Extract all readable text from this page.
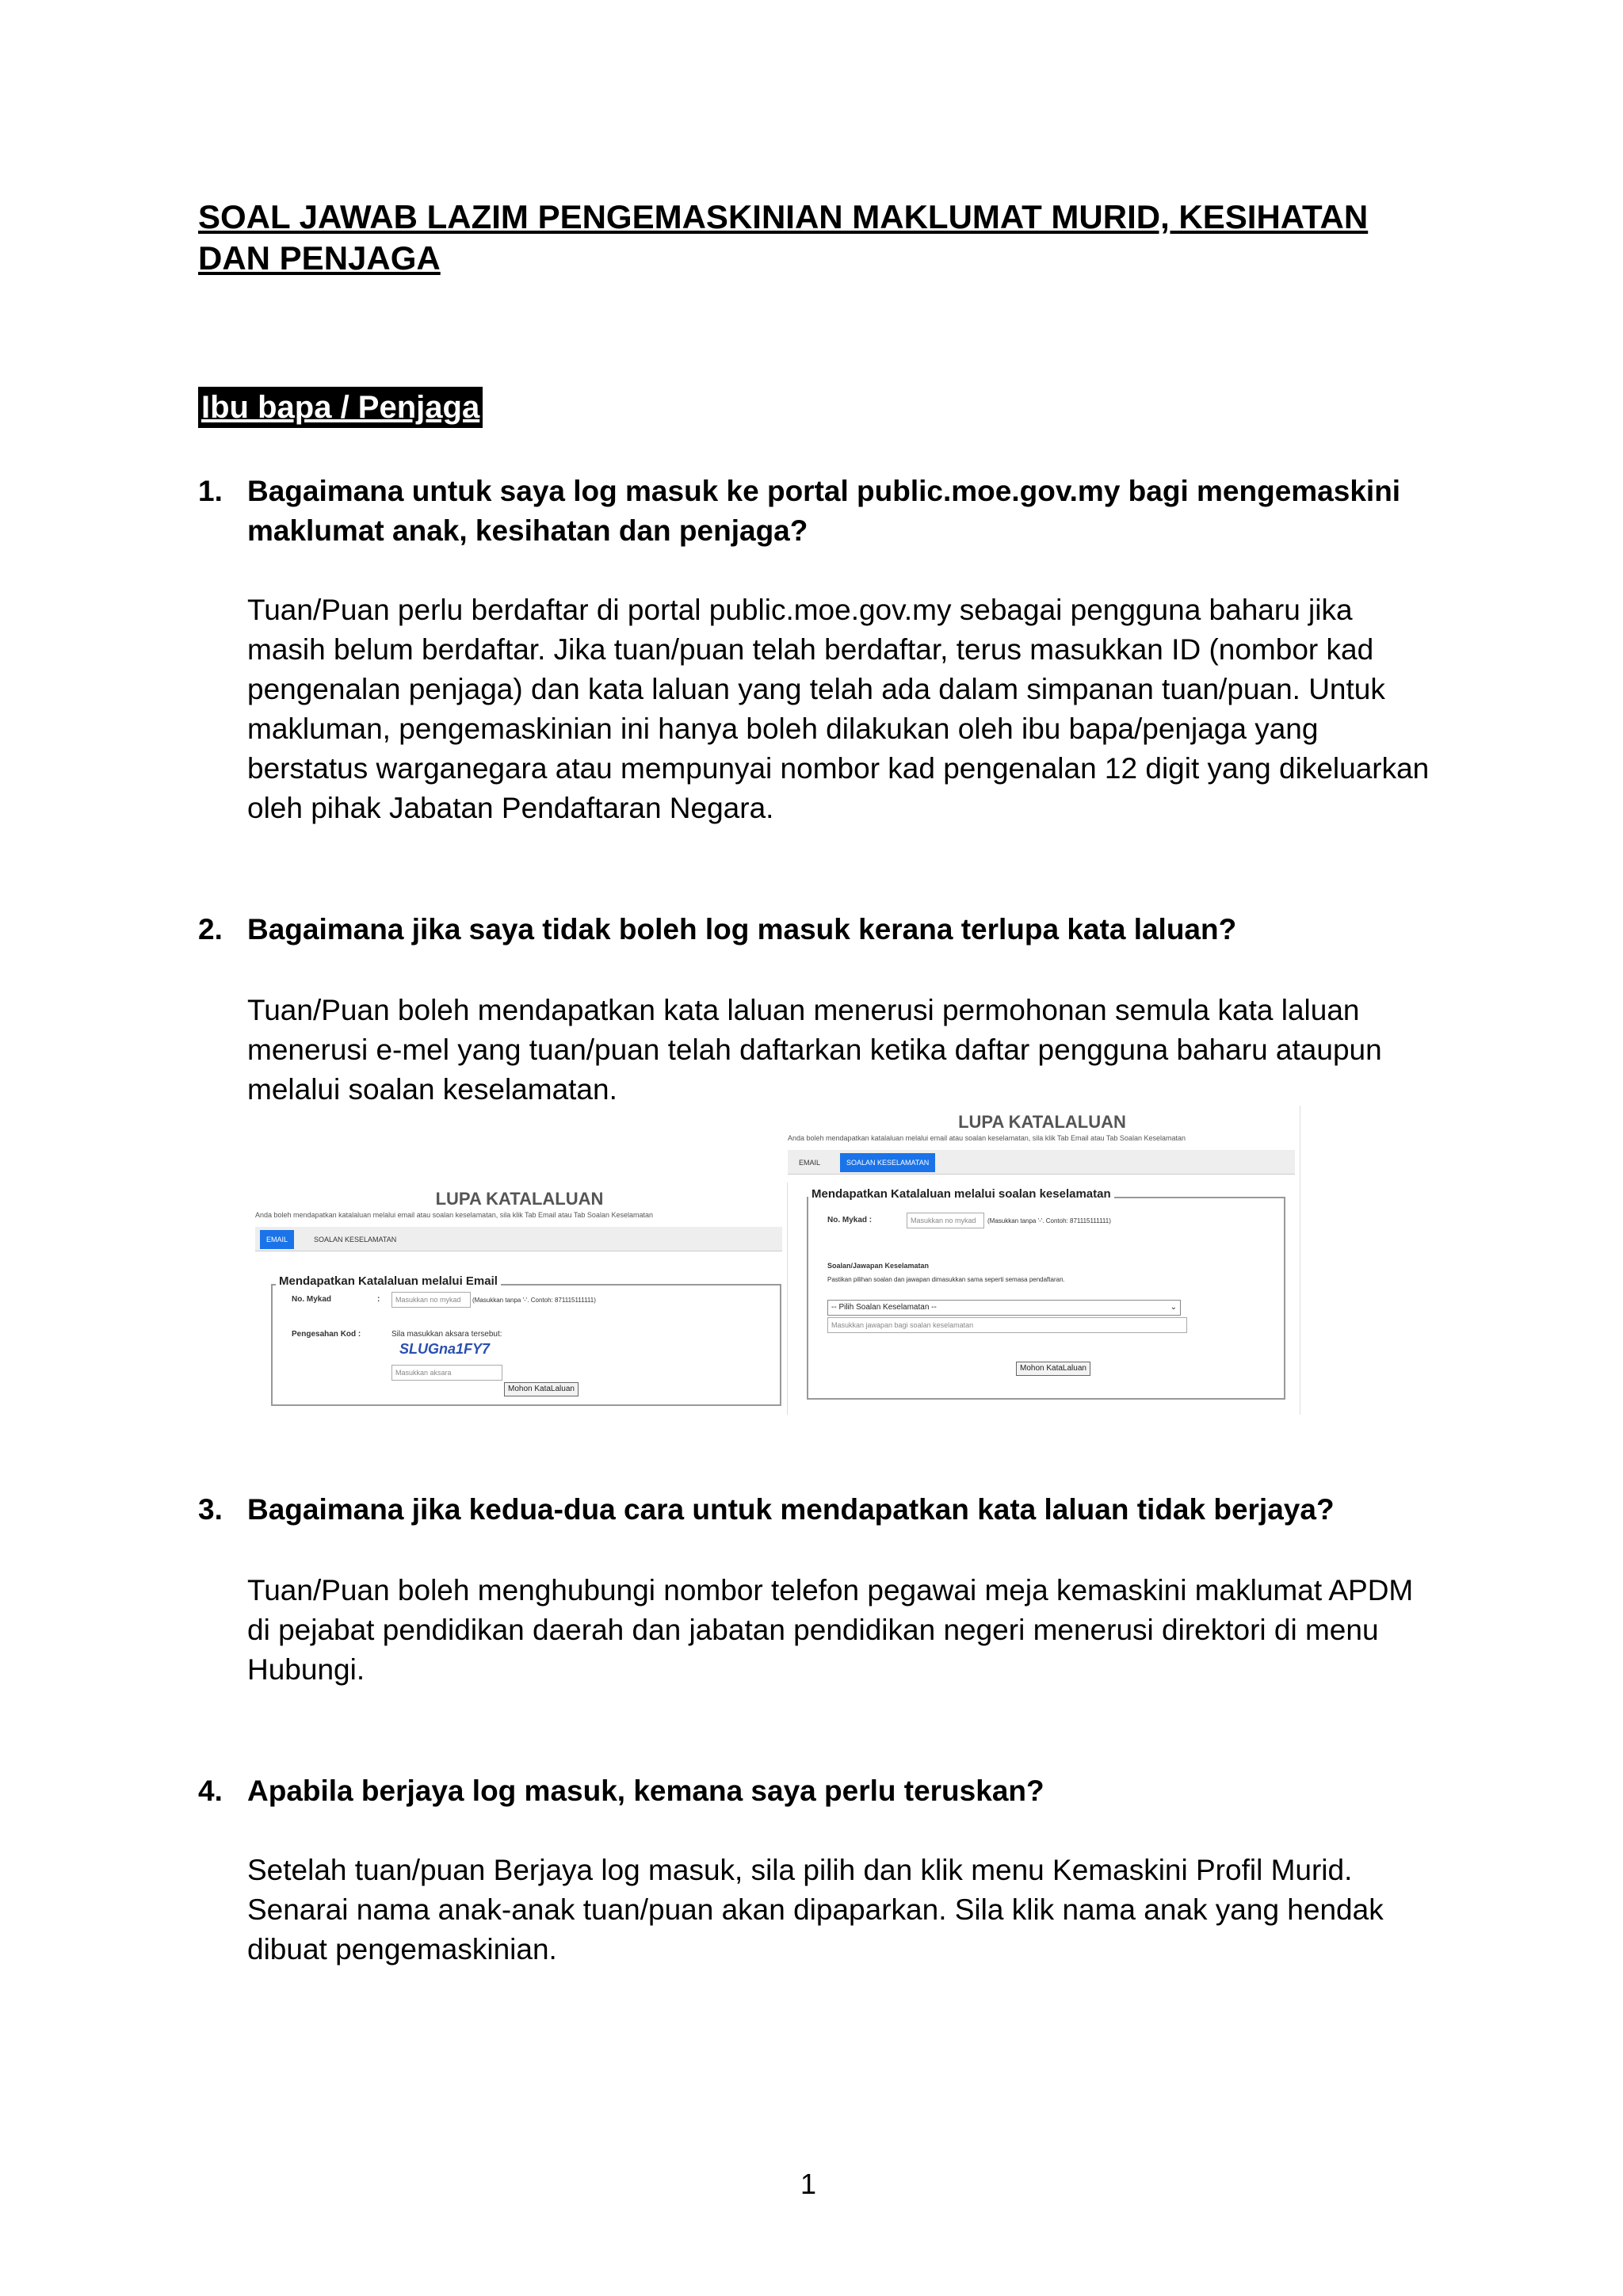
SOAL JAWAB LAZIM PENGEMASKINIAN MAKLUMAT MURID, KESIHATAN DAN PENJAGA
Ibu bapa / Penjaga
1. Bagaimana untuk saya log masuk ke portal public.moe.gov.my bagi mengemaskini maklumat anak, kesihatan dan penjaga?
Tuan/Puan perlu berdaftar di portal public.moe.gov.my sebagai pengguna baharu jika masih belum berdaftar. Jika tuan/puan telah berdaftar, terus masukkan ID (nombor kad pengenalan penjaga) dan kata laluan yang telah ada dalam simpanan tuan/puan. Untuk makluman, pengemaskinian ini hanya boleh dilakukan oleh ibu bapa/penjaga yang berstatus warganegara atau mempunyai nombor kad pengenalan 12 digit yang dikeluarkan oleh pihak Jabatan Pendaftaran Negara.
2. Bagaimana jika saya tidak boleh log masuk kerana terlupa kata laluan?
Tuan/Puan boleh mendapatkan kata laluan menerusi permohonan semula kata laluan menerusi e-mel yang tuan/puan telah daftarkan ketika daftar pengguna baharu ataupun melalui soalan keselamatan.
LUPA KATALALUAN
Anda boleh mendapatkan katalaluan melalui email atau soalan keselamatan, sila klik Tab Email atau Tab Soalan Keselamatan
EMAIL	SOALAN KESELAMATAN
Mendapatkan Katalaluan melalui soalan keselamatan
No. Mykad :	Masukkan no mykad	(Masukkan tanpa '-'. Contoh: 871115111111)
Soalan/Jawapan Keselamatan
Pastikan pilihan soalan dan jawapan dimasukkan sama seperti semasa pendaftaran.
-- Pilih Soalan Keselamatan --	⌄
Masukkan jawapan bagi soalan keselamatan
Mohon KataLaluan
LUPA KATALALUAN
Anda boleh mendapatkan katalaluan melalui email atau soalan keselamatan, sila klik Tab Email atau Tab Soalan Keselamatan
EMAIL	SOALAN KESELAMATAN
Mendapatkan Katalaluan melalui Email
No. Mykad	:	Masukkan no mykad	(Masukkan tanpa '-'. Contoh: 871115111111)
Pengesahan Kod :	Sila masukkan aksara tersebut:
SLUGna1FY7
Masukkan aksara
Mohon KataLaluan
3. Bagaimana jika kedua-dua cara untuk mendapatkan kata laluan tidak berjaya?
Tuan/Puan boleh menghubungi nombor telefon pegawai meja kemaskini maklumat APDM di pejabat pendidikan daerah dan jabatan pendidikan negeri menerusi direktori di menu Hubungi.
4. Apabila berjaya log masuk, kemana saya perlu teruskan?
Setelah tuan/puan Berjaya log masuk, sila pilih dan klik menu Kemaskini Profil Murid. Senarai nama anak-anak tuan/puan akan dipaparkan. Sila klik nama anak yang hendak dibuat pengemaskinian.
1
